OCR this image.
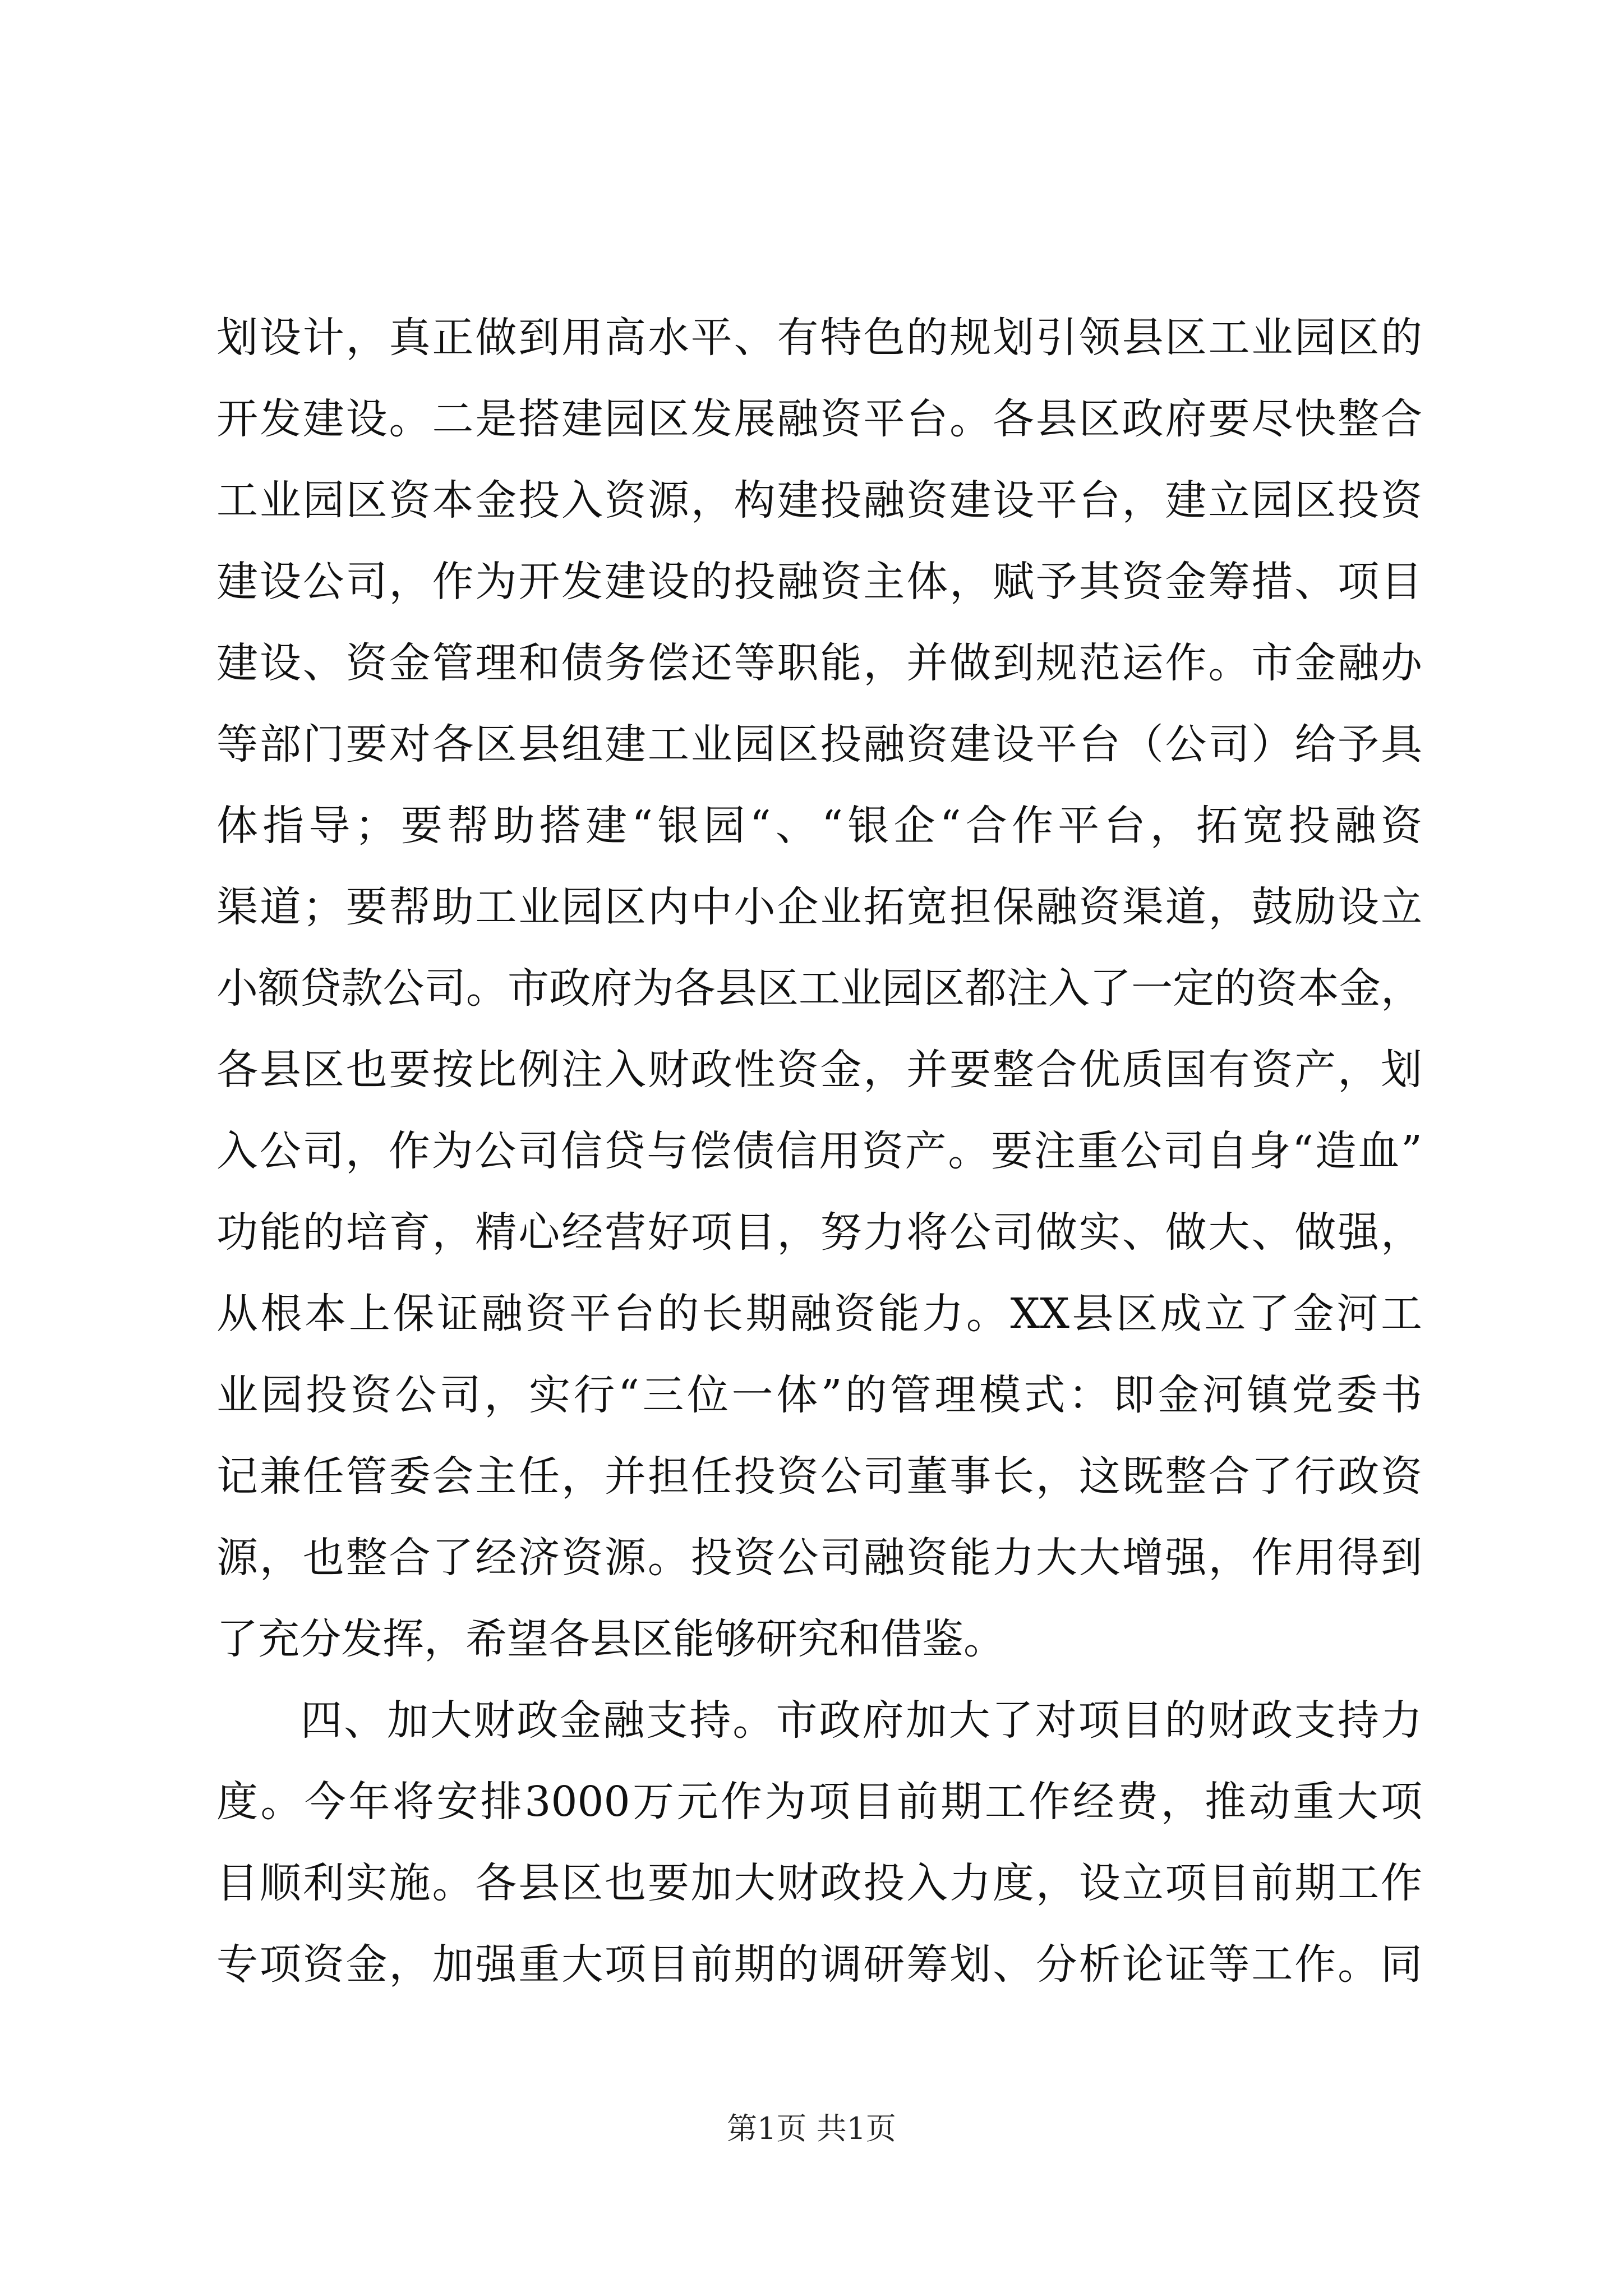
划设计，真正做到用高水平、有特色的规划引领县区工业园区的
开发建设。二是搭建园区发展融资平台。各县区政府要尽快整合
工业园区资本金投入资源，构建投融资建设平台，建立园区投资
建设公司，作为开发建设的投融资主体，赋予其资金筹措、项目
建设、资金管理和债务偿还等职能，并做到规范运作。市金融办
等部门要对各区县组建工业园区投融资建设平台（公司）给予具
体指导；要帮助搭建“银园“、“银企“合作平台，拓宽投融资
渠道；要帮助工业园区内中小企业拓宽担保融资渠道，鼓励设立
小额贷款公司。市政府为各县区工业园区都注入了一定的资本金，
各县区也要按比例注入财政性资金，并要整合优质国有资产，划
入公司，作为公司信贷与偿债信用资产。要注重公司自身“造血”
功能的培育，精心经营好项目，努力将公司做实、做大、做强，
从根本上保证融资平台的长期融资能力。XX县区成立了金河工
业园投资公司，实行“三位一体”的管理模式：即金河镇党委书
记兼任管委会主任，并担任投资公司董事长，这既整合了行政资
源，也整合了经济资源。投资公司融资能力大大增强，作用得到
了充分发挥，希望各县区能够研究和借鉴。
四、加大财政金融支持。市政府加大了对项目的财政支持力
度。今年将安排3000万元作为项目前期工作经费，推动重大项
目顺利实施。各县区也要加大财政投入力度，设立项目前期工作
专项资金，加强重大项目前期的调研筹划、分析论证等工作。同
第1页 共1页
